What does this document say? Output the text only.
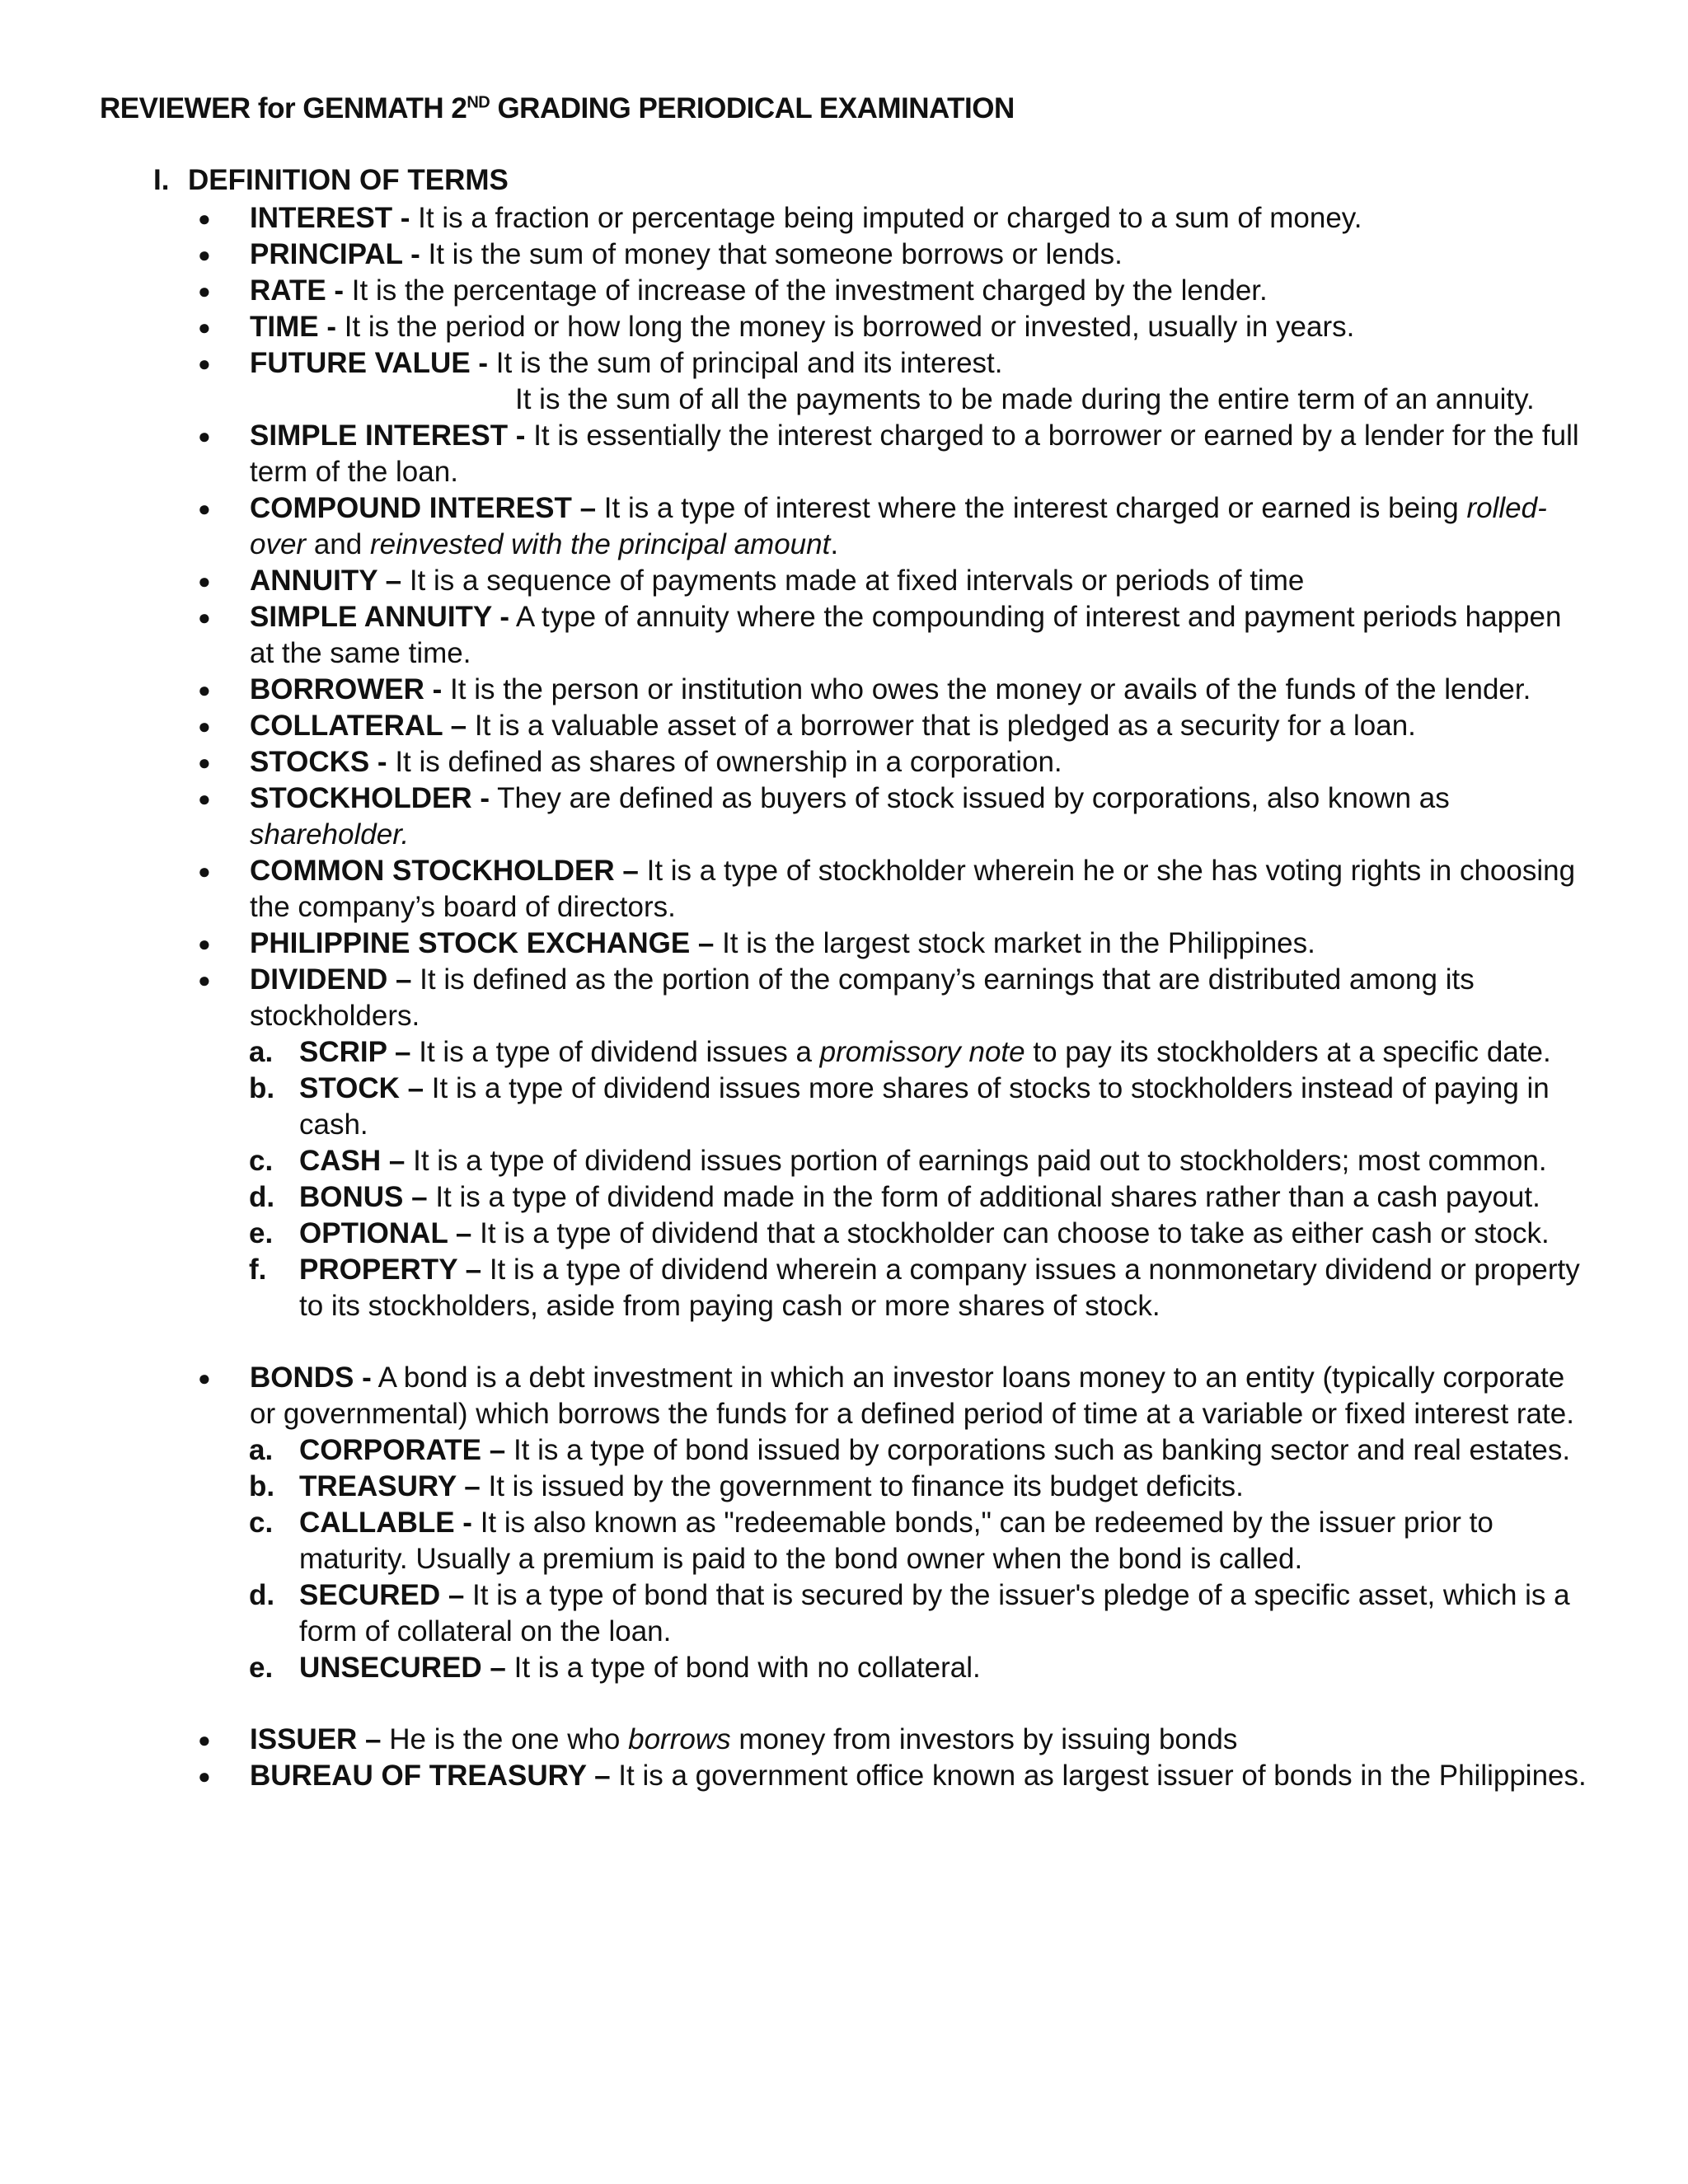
REVIEWER for GENMATH 2ND GRADING PERIODICAL EXAMINATION
I. DEFINITION OF TERMS

● INTEREST - It is a fraction or percentage being imputed or charged to a sum of money.

● PRINCIPAL - It is the sum of money that someone borrows or lends.

● RATE - It is the percentage of increase of the investment charged by the lender.

● TIME - It is the period or how long the money is borrowed or invested, usually in years.

● FUTURE VALUE - It is the sum of principal and its interest.

It is the sum of all the payments to be made during the entire term of an annuity.

● SIMPLE INTEREST - It is essentially the interest charged to a borrower or earned by a lender for the full term of the loan.

● COMPOUND INTEREST – It is a type of interest where the interest charged or earned is being rolled-over and reinvested with the principal amount.

● ANNUITY – It is a sequence of payments made at fixed intervals or periods of time

● SIMPLE ANNUITY - A type of annuity where the compounding of interest and payment periods happen at the same time.

● BORROWER - It is the person or institution who owes the money or avails of the funds of the lender.

● COLLATERAL – It is a valuable asset of a borrower that is pledged as a security for a loan.

● STOCKS - It is defined as shares of ownership in a corporation.

● STOCKHOLDER - They are defined as buyers of stock issued by corporations, also known as shareholder.

● COMMON STOCKHOLDER – It is a type of stockholder wherein he or she has voting rights in choosing the company’s board of directors.

● PHILIPPINE STOCK EXCHANGE – It is the largest stock market in the Philippines.

● DIVIDEND – It is defined as the portion of the company’s earnings that are distributed among its stockholders.

a. SCRIP – It is a type of dividend issues a promissory note to pay its stockholders at a specific date.

b. STOCK – It is a type of dividend issues more shares of stocks to stockholders instead of paying in cash.

c. CASH – It is a type of dividend issues portion of earnings paid out to stockholders; most common.

d. BONUS – It is a type of dividend made in the form of additional shares rather than a cash payout.

e. OPTIONAL – It is a type of dividend that a stockholder can choose to take as either cash or stock.

f. PROPERTY – It is a type of dividend wherein a company issues a nonmonetary dividend or property to its stockholders, aside from paying cash or more shares of stock.

● BONDS - A bond is a debt investment in which an investor loans money to an entity (typically corporate or governmental) which borrows the funds for a defined period of time at a variable or fixed interest rate.

a. CORPORATE – It is a type of bond issued by corporations such as banking sector and real estates.

b. TREASURY – It is issued by the government to finance its budget deficits.

c. CALLABLE - It is also known as "redeemable bonds," can be redeemed by the issuer prior to maturity. Usually a premium is paid to the bond owner when the bond is called.

d. SECURED – It is a type of bond that is secured by the issuer's pledge of a specific asset, which is a form of collateral on the loan.

e. UNSECURED – It is a type of bond with no collateral.

● ISSUER – He is the one who borrows money from investors by issuing bonds

● BUREAU OF TREASURY – It is a government office known as largest issuer of bonds in the Philippines.
